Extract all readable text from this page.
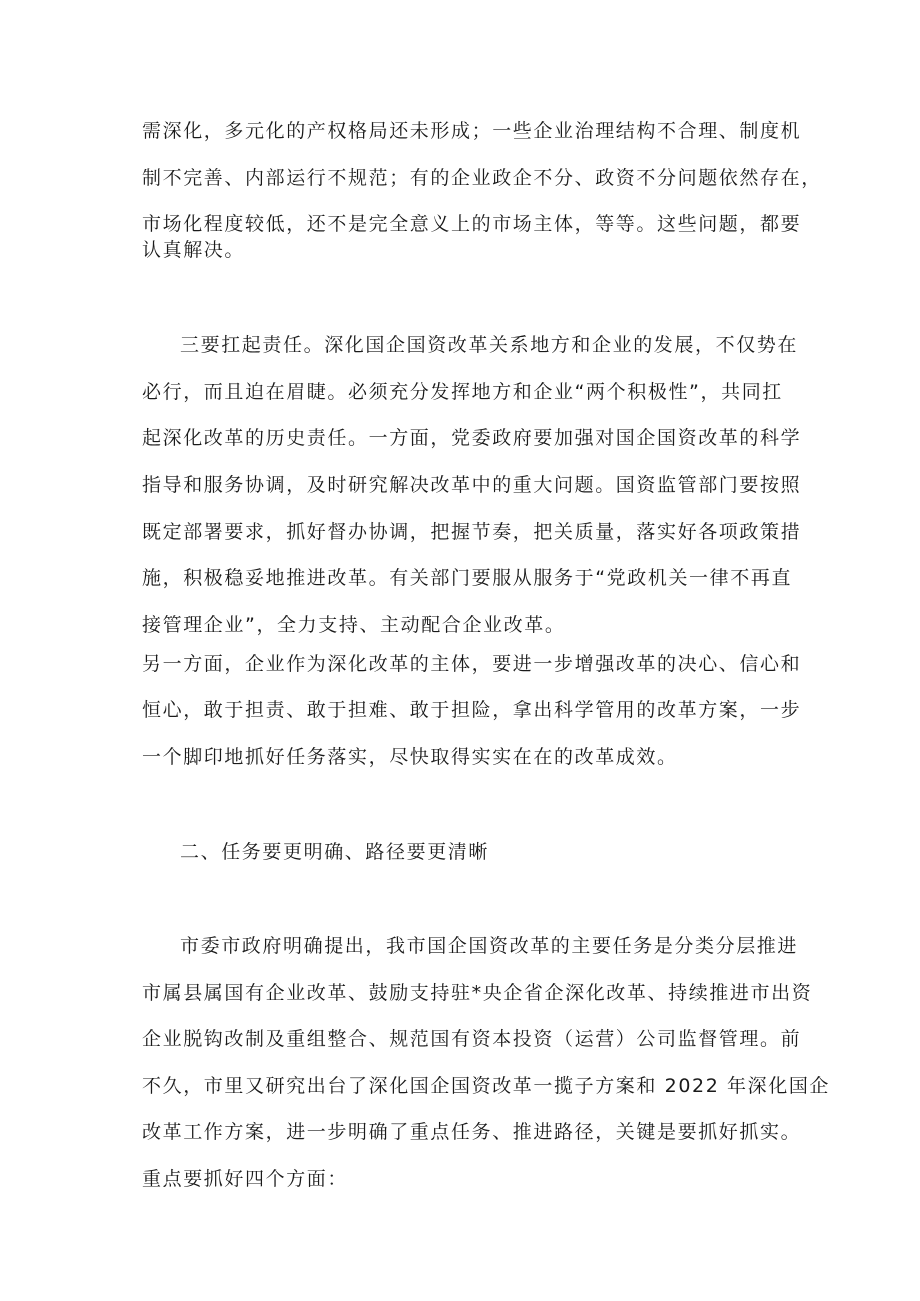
需深化，多元化的产权格局还未形成；一些企业治理结构不合理、制度机
制不完善、内部运行不规范；有的企业政企不分、政资不分问题依然存在，
市场化程度较低，还不是完全意义上的市场主体，等等。这些问题，都要
认真解决。
三要扛起责任。深化国企国资改革关系地方和企业的发展，不仅势在
必行，而且迫在眉睫。必须充分发挥地方和企业“两个积极性”，共同扛
起深化改革的历史责任。一方面，党委政府要加强对国企国资改革的科学
指导和服务协调，及时研究解决改革中的重大问题。国资监管部门要按照
既定部署要求，抓好督办协调，把握节奏，把关质量，落实好各项政策措
施，积极稳妥地推进改革。有关部门要服从服务于“党政机关一律不再直
接管理企业”，全力支持、主动配合企业改革。
另一方面，企业作为深化改革的主体，要进一步增强改革的决心、信心和
恒心，敢于担责、敢于担难、敢于担险，拿出科学管用的改革方案，一步
一个脚印地抓好任务落实，尽快取得实实在在的改革成效。
二、任务要更明确、路径要更清晰
市委市政府明确提出，我市国企国资改革的主要任务是分类分层推进
市属县属国有企业改革、鼓励支持驻*央企省企深化改革、持续推进市出资
企业脱钩改制及重组整合、规范国有资本投资（运营）公司监督管理。前
不久，市里又研究出台了深化国企国资改革一揽子方案和 2022 年深化国企
改革工作方案，进一步明确了重点任务、推进路径，关键是要抓好抓实。
重点要抓好四个方面：
